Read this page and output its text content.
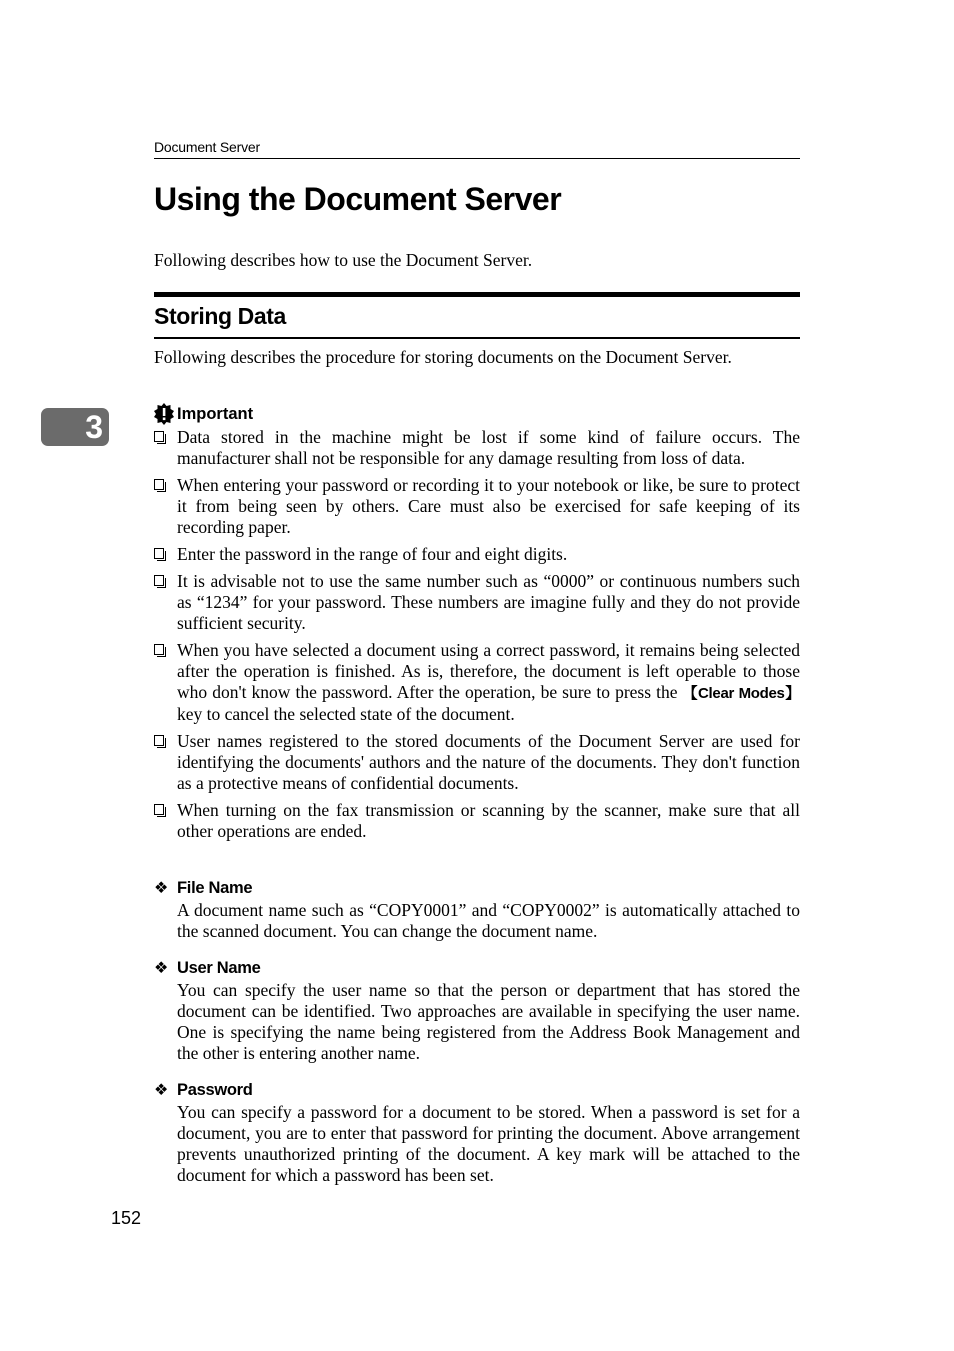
Document Server
Using the Document Server

Following describes how to use the Document Server.

Storing Data

Following describes the procedure for storing documents on the Document Server.

3	Important
Data stored in the machine might be lost if some kind of failure occurs. The manufacturer shall not be responsible for any damage resulting from loss of data.
When entering your password or recording it to your notebook or like, be sure to protect it from being seen by others. Care must also be exercised for safe keeping of its recording paper.
Enter the password in the range of four and eight digits.
It is advisable not to use the same number such as “0000” or continuous numbers such as “1234” for your password. These numbers are imagine fully and they do not provide sufficient security.
When you have selected a document using a correct password, it remains being selected after the operation is finished. As is, therefore, the document is left operable to those who don't know the password. After the operation, be sure to press the 【Clear Modes】 key to cancel the selected state of the document.
User names registered to the stored documents of the Document Server are used for identifying the documents' authors and the nature of the documents. They don't function as a protective means of confidential documents.
When turning on the fax transmission or scanning by the scanner, make sure that all other operations are ended.
❖ File Name

A document name such as “COPY0001” and “COPY0002” is automatically attached to the scanned document. You can change the document name.

❖ User Name

You can specify the user name so that the person or department that has stored the document can be identified. Two approaches are available in specifying the user name. One is specifying the name being registered from the Address Book Management and the other is entering another name.

❖ Password

You can specify a password for a document to be stored. When a password is set for a document, you are to enter that password for printing the document. Above arrangement prevents unauthorized printing of the document. A key mark will be attached to the document for which a password has been set.

152
